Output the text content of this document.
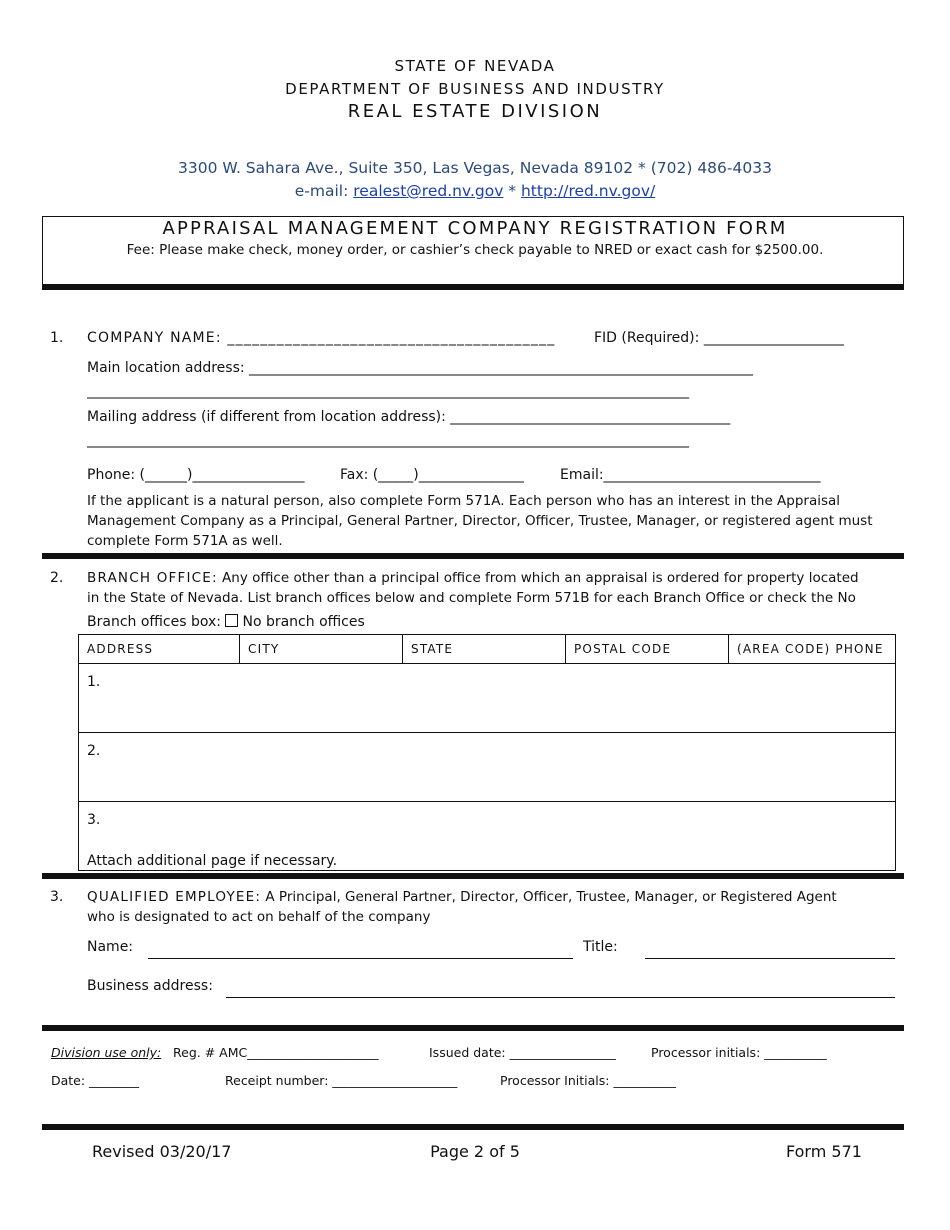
STATE OF NEVADA
DEPARTMENT OF BUSINESS AND INDUSTRY
REAL ESTATE DIVISION
3300 W. Sahara Ave., Suite 350, Las Vegas, Nevada 89102 * (702) 486-4033
e-mail: realest@red.nv.gov * http://red.nv.gov/
APPRAISAL MANAGEMENT COMPANY REGISTRATION FORM
Fee: Please make check, money order, or cashier’s check payable to NRED or exact cash for $2500.00.
1. COMPANY NAME: ________________________________________	FID (Required): ____________________
Main location address: ________________________________________________________________________
______________________________________________________________________________________
Mailing address (if different from location address): ________________________________________
______________________________________________________________________________________
Phone: (______)________________	Fax: (_____)_______________	Email:_______________________________
If the applicant is a natural person, also complete Form 571A. Each person who has an interest in the Appraisal
Management Company as a Principal, General Partner, Director, Officer, Trustee, Manager, or registered agent must
complete Form 571A as well.
2. BRANCH OFFICE: Any office other than a principal office from which an appraisal is ordered for property located
in the State of Nevada. List branch offices below and complete Form 571B for each Branch Office or check the No
Branch offices box: No branch offices
ADDRESS	CITY	STATE	POSTAL CODE	(AREA CODE) PHONE
1.
2.
3.
Attach additional page if necessary.
3. QUALIFIED EMPLOYEE: A Principal, General Partner, Director, Officer, Trustee, Manager, or Registered Agent
who is designated to act on behalf of the company
Name:	Title:
Business address:
Division use only: Reg. # AMC_____________________	Issued date: _________________	Processor initials: __________
Date: ________	Receipt number: ____________________	Processor Initials: __________
Revised 03/20/17	Page 2 of 5	Form 571
